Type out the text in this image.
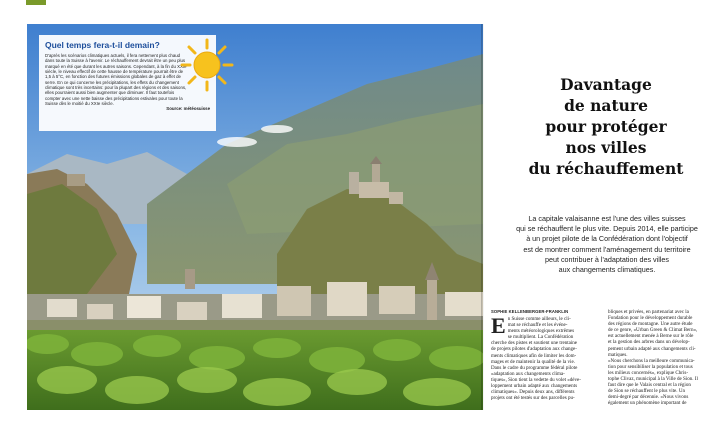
Quel temps fera-t-il demain?

D'après les scénarios climatiques actuels, il fera nettement plus chaud dans toute la Suisse à l'avenir. Le réchauffement devrait être un peu plus marqué en été que durant les autres saisons. Cependant, à la fin du XXIe siècle, le niveau effectif de cette hausse de température pourrait être de 1,5 à 5°C, en fonction des futures émissions globales de gaz à effet de serre. En ce qui concerne les précipitations, les effets du changement climatique sont très incertains: pour la plupart des régions et des saisons, elles pourraient aussi bien augmenter que diminuer. Il faut toutefois compter avec une nette baisse des précipitations estivales pour toute la Suisse dès le moitié du XXIe siècle.

Source: météosuisse
Davantage
de nature
pour protéger
nos villes
du réchauffement
La capitale valaisanne est l'une des villes suisses
qui se réchauffent le plus vite. Depuis 2014, elle participe
à un projet pilote de la Confédération dont l'objectif
est de montrer comment l'aménagement du territoire
peut contribuer à l'adaptation des villes
aux changements climatiques.
SOPHIE KELLENBERGER-FRANKLIN
E n Suisse comme ailleurs, le cli-
mat se réchauffe et les événe-
ments météorologiques extrêmes
se multiplient. La Confédération
cherche des pistes et soutient une trentaine
de projets pilotes d'adaptation aux change-
ments climatiques afin de limiter les dom-
mages et de maintenir la qualité de la vie.
Dans le cadre du programme fédéral pilote
«adaptation aux changements clima-
tiques», Sion tient la vedette du volet «déve-
loppement urbain adapté aux changements
climatiques». Depuis deux ans, différents
projets ont été testés sur des parcelles pu-
bliques et privées, en partenariat avec la
Fondation pour le développement durable
des régions de montagne. Une autre étude
de ce genre, «Urban Green & Climat Bern»,
est actuellement menée à Berne sur le rôle
et la gestion des arbres dans un dévelop-
pement urbain adapté aux changements cli-
matiques.
«Nous cherchons la meilleure communica-
tion pour sensibiliser la population et tous
les milieux concernés», explique Chris-
tophe Clivaz, municipal à la Ville de Sion. Il
faut dire que le Valais central et la région
de Sion se réchauffent le plus vite. Un
demi-degré par décennie. «Nous vivons
également un phénomène important de
